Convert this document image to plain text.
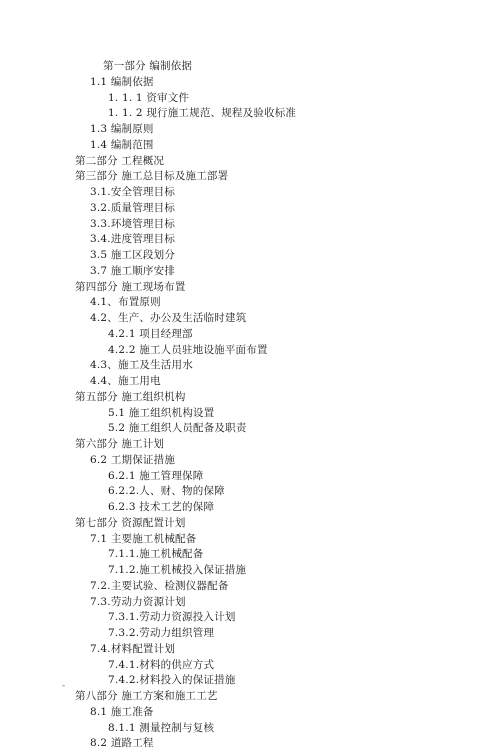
第一部分 编制依据
1.1 编制依据
1. 1. 1 资审文件
1. 1. 2 现行施工规范、规程及验收标准
1.3 编制原则
1.4 编制范围
第二部分 工程概况
第三部分 施工总目标及施工部署
3.1.安全管理目标
3.2.质量管理目标
3.3.环境管理目标
3.4.进度管理目标
3.5 施工区段划分
3.7 施工顺序安排
第四部分 施工现场布置
4.1、布置原则
4.2、生产、办公及生活临时建筑
4.2.1 项目经理部
4.2.2 施工人员驻地设施平面布置
4.3、施工及生活用水
4.4、施工用电
第五部分 施工组织机构
5.1 施工组织机构设置
5.2 施工组织人员配备及职责
第六部分 施工计划
6.2 工期保证措施
6.2.1 施工管理保障
6.2.2.人、财、物的保障
6.2.3 技术工艺的保障
第七部分 资源配置计划
7.1 主要施工机械配备
7.1.1.施工机械配备
7.1.2.施工机械投入保证措施
7.2.主要试验、检测仪器配备
7.3.劳动力资源计划
7.3.1.劳动力资源投入计划
7.3.2.劳动力组织管理
7.4.材料配置计划
7.4.1.材料的供应方式
7.4.2.材料投入的保证措施
第八部分 施工方案和施工工艺
8.1 施工准备
8.1.1 测量控制与复核
8.2 道路工程
-
